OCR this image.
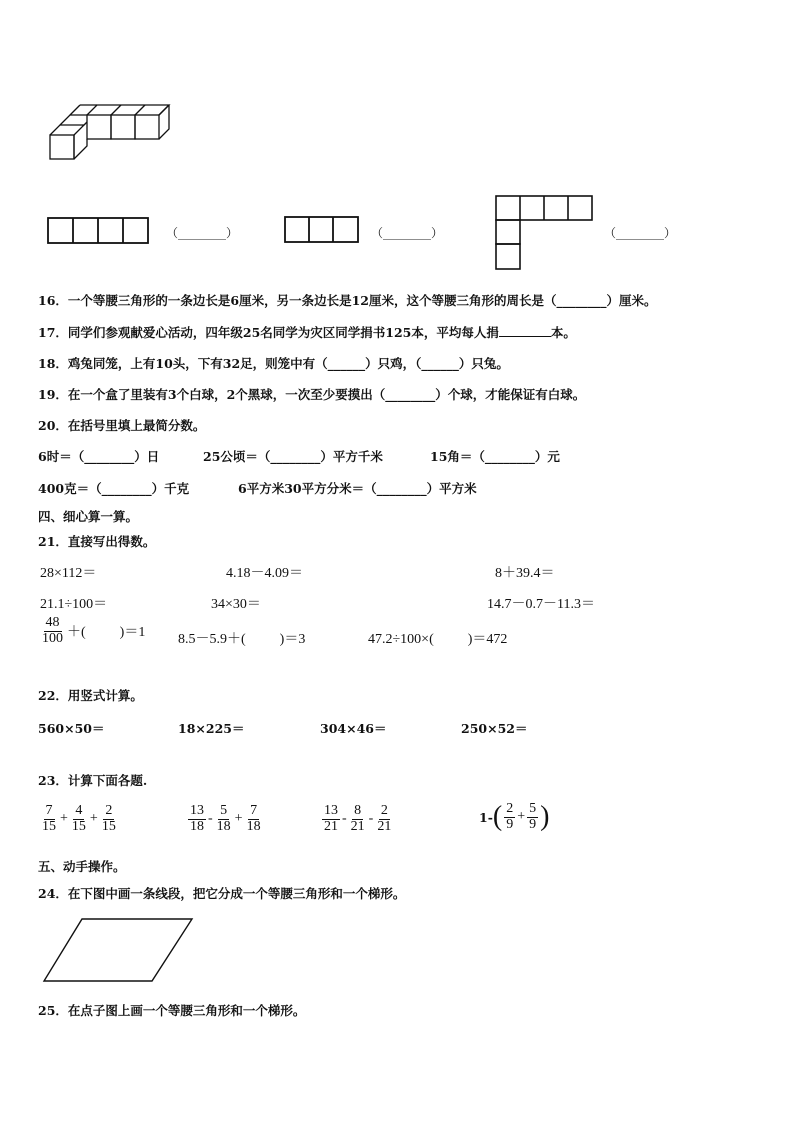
（________）	（________）	（________）
16．一个等腰三角形的一条边长是6厘米，另一条边长是12厘米，这个等腰三角形的周长是（________）厘米。
17．同学们参观献爱心活动，四年级25名同学为灾区同学捐书125本，平均每人捐	本。
18．鸡兔同笼，上有10头，下有32足，则笼中有（______）只鸡，（______）只兔。
19．在一个盒了里装有3个白球，2个黑球，一次至少要摸出（________）个球，才能保证有白球。
20．在括号里填上最简分数。
6时＝（________）日	25公顷＝（________）平方千米	15角＝（________）元
400克＝（________）千克	6平方米30平方分米＝（________）平方米
四、细心算一算。
21．直接写出得数。
28×112＝	4.18－4.09＝	8＋39.4＝
21.1÷100＝	34×30＝	14.7－0.7－11.3＝
$\frac{48}{100}$ ＋( )＝1 8.5－5.9＋( )＝3	47.2÷100×( )＝472
22．用竖式计算。
560×50＝	18×225＝	304×46＝	250×52＝
23．计算下面各题.
$\frac{7}{15} + \frac{4}{15} + \frac{2}{15}$	$\frac{13}{18} - \frac{5}{18} + \frac{7}{18}$	$\frac{13}{21} - \frac{8}{21} - \frac{2}{21}$	1- ( $\frac{2}{9} + \frac{5}{9}$ )
五、动手操作。
24．在下图中画一条线段，把它分成一个等腰三角形和一个梯形。
25．在点子图上画一个等腰三角形和一个梯形。
